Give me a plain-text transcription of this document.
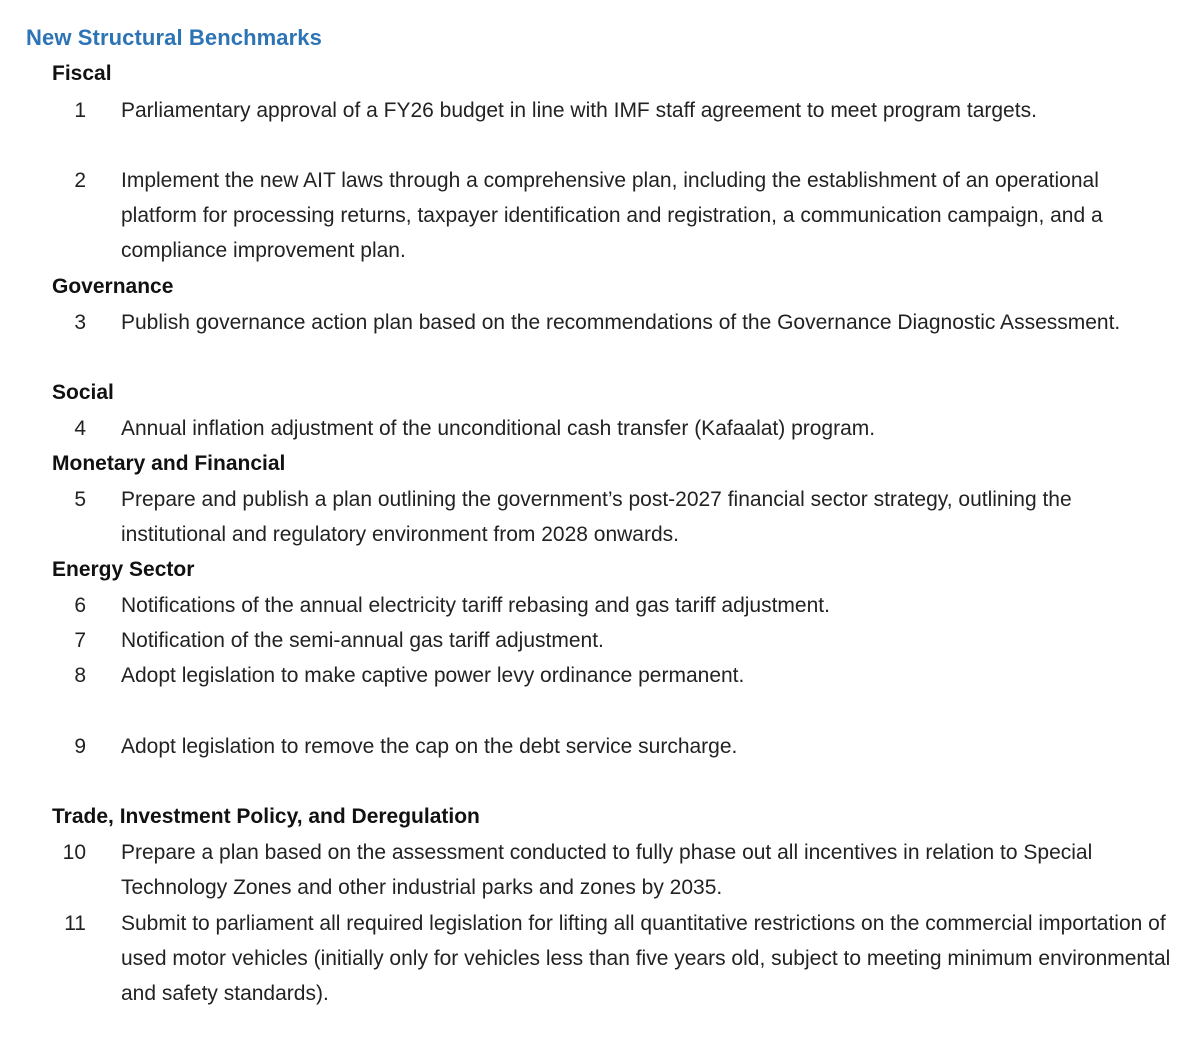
New Structural Benchmarks
Fiscal
1 Parliamentary approval of a FY26 budget in line with IMF staff agreement to meet program targets.
2 Implement the new AIT laws through a comprehensive plan, including the establishment of an operational platform for processing returns, taxpayer identification and registration, a communication campaign, and a compliance improvement plan.
Governance
3 Publish governance action plan based on the recommendations of the Governance Diagnostic Assessment.
Social
4 Annual inflation adjustment of the unconditional cash transfer (Kafaalat) program.
Monetary and Financial
5 Prepare and publish a plan outlining the government’s post-2027 financial sector strategy, outlining the institutional and regulatory environment from 2028 onwards.
Energy Sector
6 Notifications of the annual electricity tariff rebasing and gas tariff adjustment.
7 Notification of the semi-annual gas tariff adjustment.
8 Adopt legislation to make captive power levy ordinance permanent.
9 Adopt legislation to remove the cap on the debt service surcharge.
Trade, Investment Policy, and Deregulation
10 Prepare a plan based on the assessment conducted to fully phase out all incentives in relation to Special Technology Zones and other industrial parks and zones by 2035.
11 Submit to parliament all required legislation for lifting all quantitative restrictions on the commercial importation of used motor vehicles (initially only for vehicles less than five years old, subject to meeting minimum environmental and safety standards).
